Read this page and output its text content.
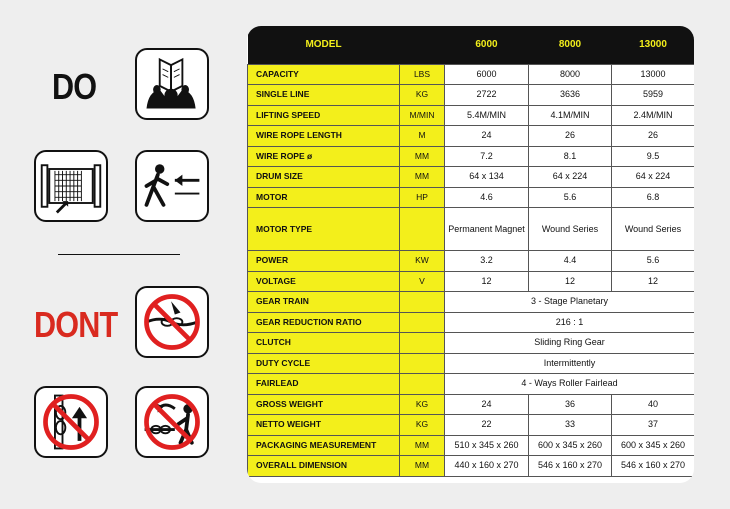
DO
DONT
MODEL		6000	8000	13000
CAPACITY	LBS	6000	8000	13000
SINGLE LINE	KG	2722	3636	5959
LIFTING SPEED	M/MIN	5.4M/MIN	4.1M/MIN	2.4M/MIN
WIRE ROPE LENGTH	M	24	26	26
WIRE ROPE ø	MM	7.2	8.1	9.5
DRUM SIZE	MM	64 x 134	64 x 224	64 x 224
MOTOR	HP	4.6	5.6	6.8
MOTOR TYPE		Permanent Magnet	Wound Series	Wound Series
POWER	KW	3.2	4.4	5.6
VOLTAGE	V	12	12	12
GEAR TRAIN		3 - Stage Planetary		
GEAR REDUCTION RATIO		216 : 1		
CLUTCH		Sliding Ring Gear		
DUTY CYCLE		Intermittently		
FAIRLEAD		4 - Ways Roller Fairlead		
GROSS WEIGHT	KG	24	36	40
NETTO WEIGHT	KG	22	33	37
PACKAGING MEASUREMENT	MM	510 x 345 x 260	600 x 345 x 260	600 x 345 x 260
OVERALL DIMENSION	MM	440 x 160 x 270	546 x 160 x 270	546 x 160 x 270
